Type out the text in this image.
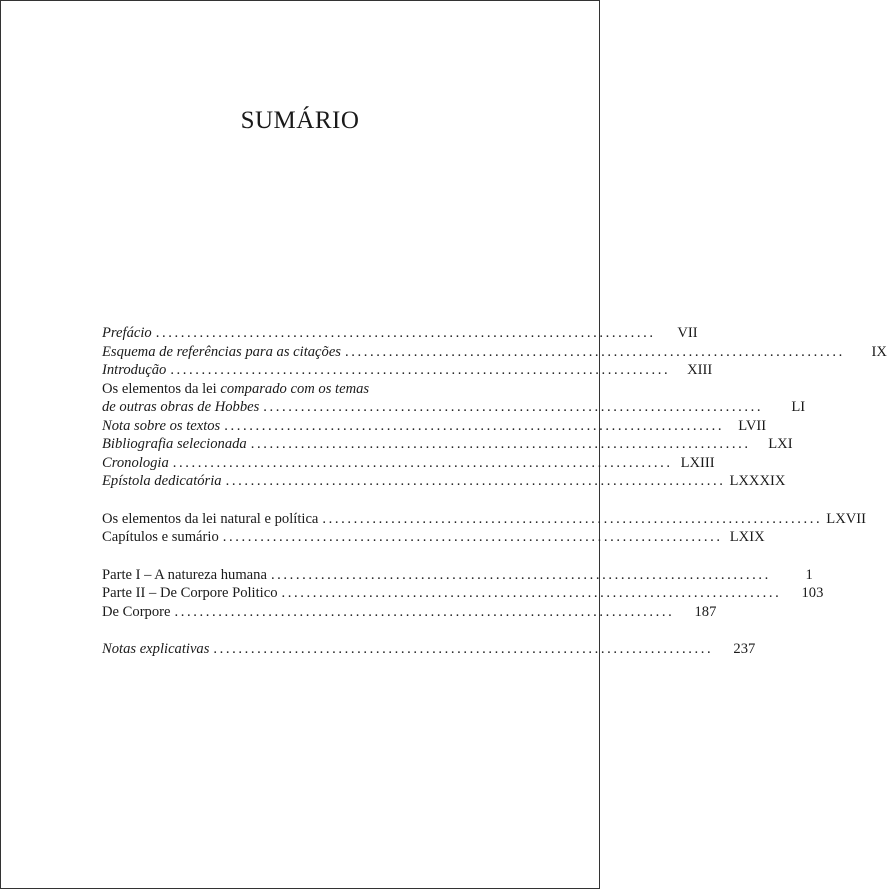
SUMÁRIO
Prefácio ................................................................................	VII
Esquema de referências para as citações ................................................................................	IX
Introdução ................................................................................	XIII
Os elementos da lei comparado com os temas
de outras obras de Hobbes ................................................................................	LI
Nota sobre os textos ................................................................................ LVII
Bibliografia selecionada ................................................................................	LXI
Cronologia ................................................................................ LXIII
Epístola dedicatória ................................................................................ LXXXIX
Os elementos da lei natural e política ................................................................................ LXVII
Capítulos e sumário ................................................................................ LXIX
Parte I – A natureza humana ................................................................................	1
Parte II – De Corpore Politico ................................................................................	103
De Corpore ................................................................................	187
Notas explicativas ................................................................................	237
